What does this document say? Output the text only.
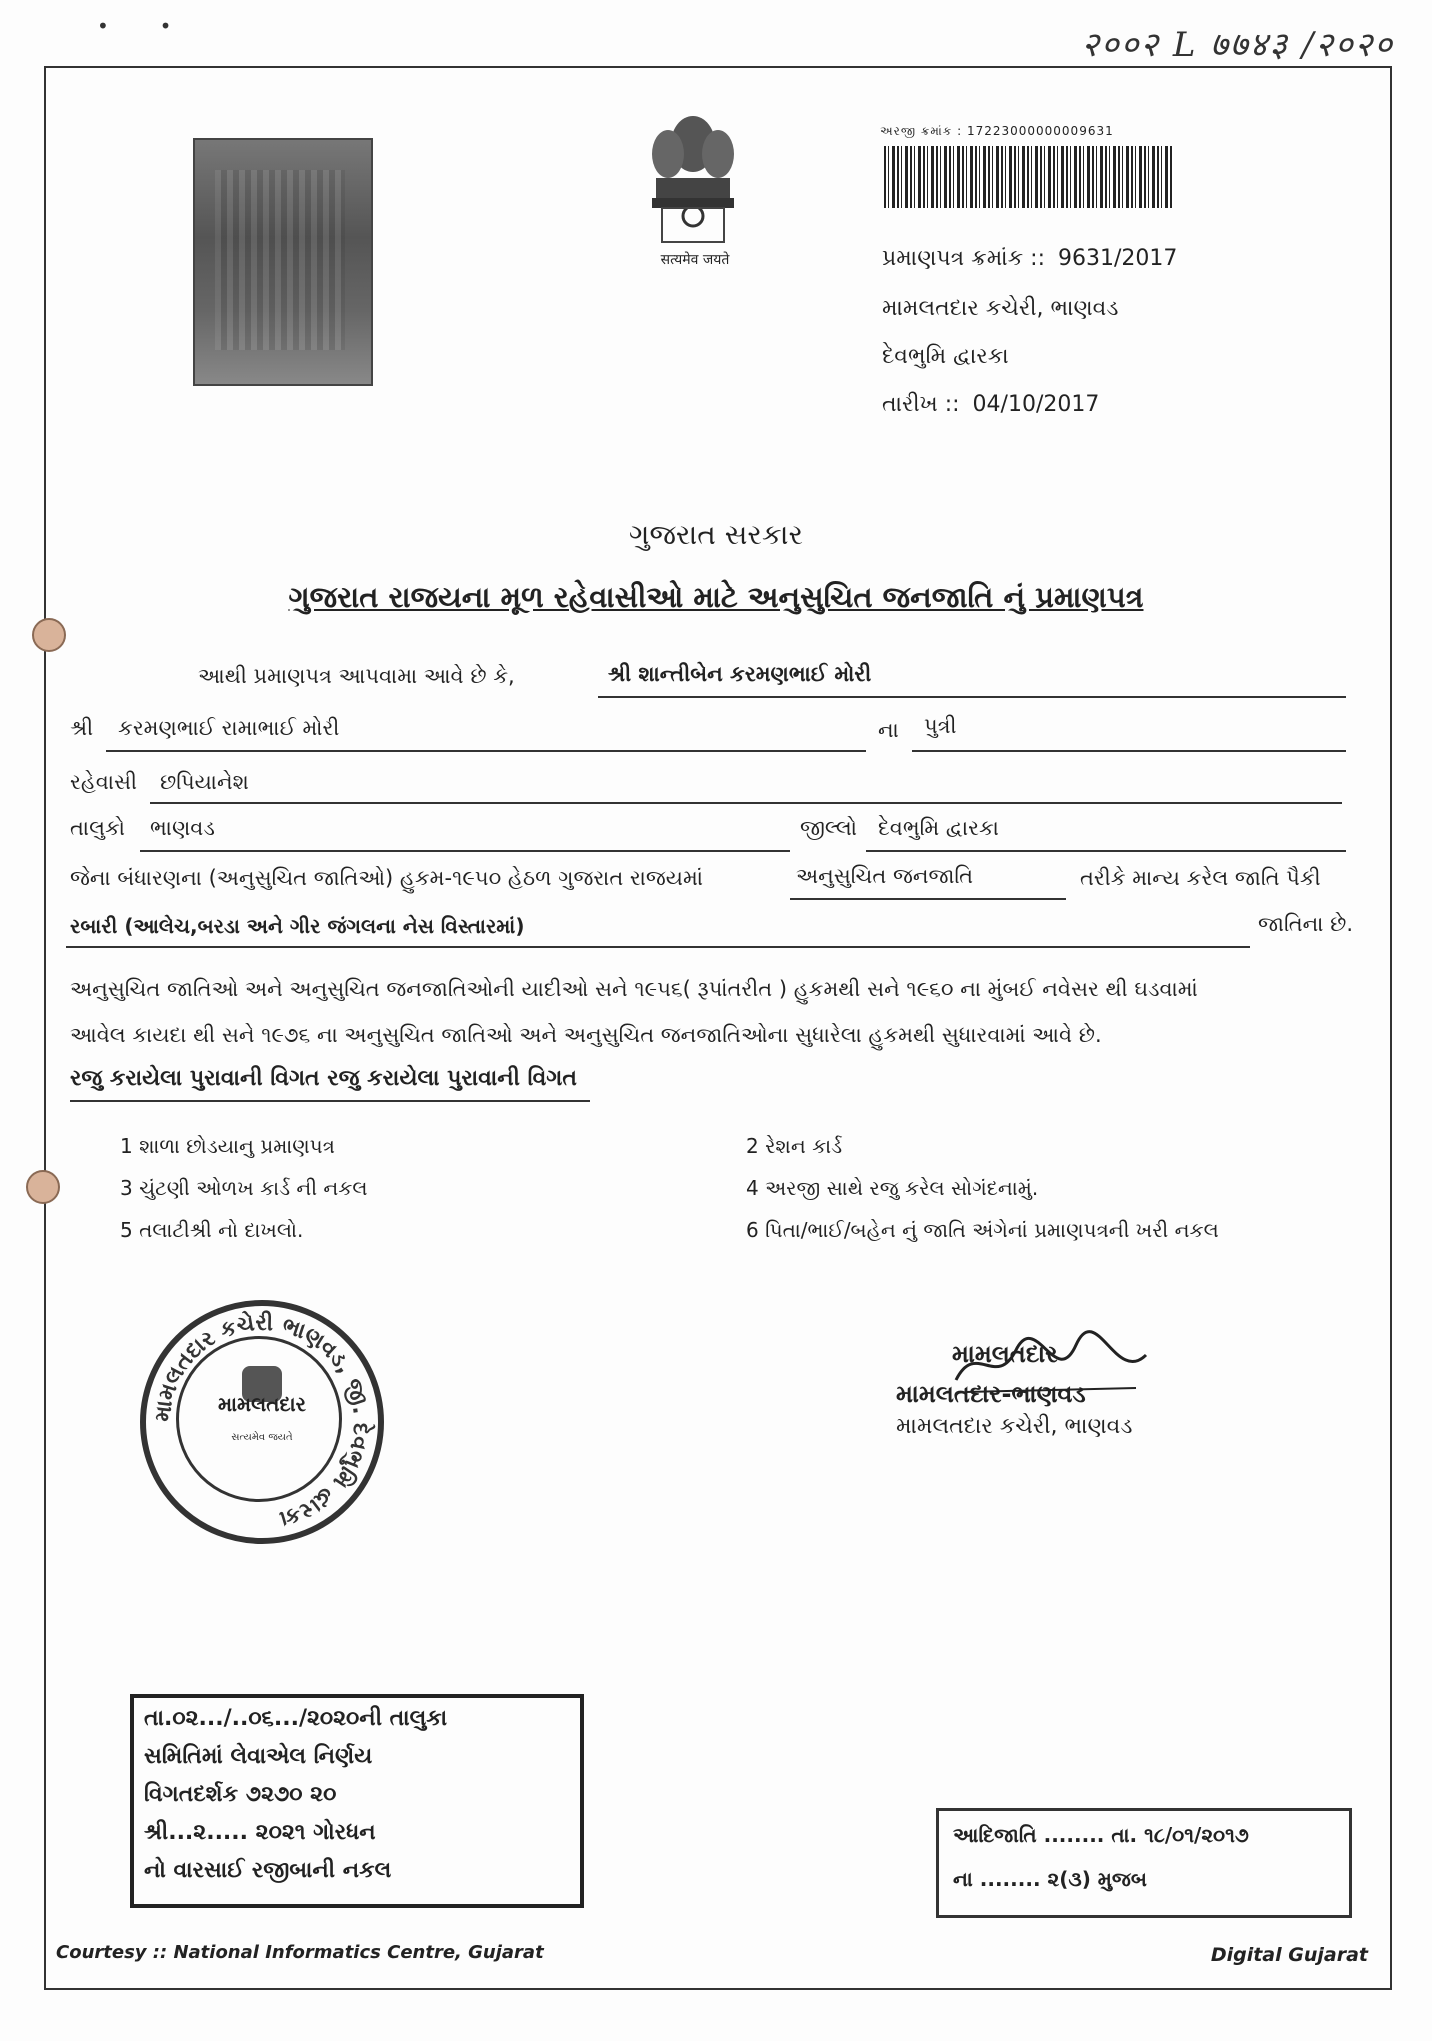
•        •	२००२ L ७७४३ /२०२०
सत्यमेव जयते
અરજી ક્રમાંક : 17223000000009631
પ્રમાણપત્ર ક્રમાંક :: 9631/2017
મામલતદાર કચેરી, ભાણવડ
દેવભુમિ દ્વારકા
તારીખ :: 04/10/2017
ગુજરાત સરકાર
ગુજરાત રાજયના મૂળ રહેવાસીઓ માટે અનુસુચિત જનજાતિ નું પ્રમાણપત્ર
આથી પ્રમાણપત્ર આપવામા આવે છે કે,	શ્રી શાન્તીબેન કરમણભાઈ મોરી
શ્રી કરમણભાઈ રામાભાઈ મોરી	ના પુત્રી
રહેવાસી છપિયાનેશ
તાલુકો ભાણવડ	જીલ્લો દેવભુમિ દ્વારકા
જેના બંધારણના (અનુસુચિત જાતિઓ) હુકમ-૧૯૫૦ હેઠળ ગુજરાત રાજયમાં	અનુસુચિત જનજાતિ	તરીકે માન્ય કરેલ જાતિ પૈકી
રબારી (આલેચ,બરડા અને ગીર જંગલના નેસ વિસ્તારમાં)	જાતિના છે.
અનુસુચિત જાતિઓ અને અનુસુચિત જનજાતિઓની યાદીઓ સને ૧૯૫૬( રૂપાંતરીત ) હુકમથી સને ૧૯૬૦ ના મુંબઈ નવેસર થી ઘડવામાં
આવેલ કાયદા થી સને ૧૯૭૬ ના અનુસુચિત જાતિઓ અને અનુસુચિત જનજાતિઓના સુધારેલા હુકમથી સુધારવામાં આવે છે.
રજુ કરાયેલા પુરાવાની વિગત રજુ કરાયેલા પુરાવાની વિગત
1 શાળા છોડયાનુ પ્રમાણપત્ર	2 રેશન કાર્ડ
3 ચુંટણી ઓળખ કાર્ડ ની નકલ	4 અરજી સાથે રજુ કરેલ સોગંદનામું.
5 તલાટીશ્રી નો દાખલો.	6 પિતા/ભાઈ/બહેન નું જાતિ અંગેનાં પ્રમાણપત્રની ખરી નકલ
મામલતદાર કચેરી ભાણવડ, જી. દેવભુમિ દ્વારકા
મામલતદાર
સત્યમેવ જયતે
મામલતદાર
મામલતદાર-ભાણવડ
મામલતદાર કચેરી, ભાણવડ
તા.૦૨.../..૦૬.../૨૦૨૦ની તાલુકા
સમિતિમાં લેવાએલ નિર્ણય
વિગતદર્શક ૭૨૭૦ ૨૦
શ્રી...૨..... ૨૦૨૧ ગોરધન
નો વારસાઈ રજીબાની નકલ
આદિજાતિ ........ તા. ૧૮/૦૧/૨૦૧૭
ના ........ ૨(૩) મુજબ
Courtesy :: National Informatics Centre, Gujarat	Digital Gujarat
